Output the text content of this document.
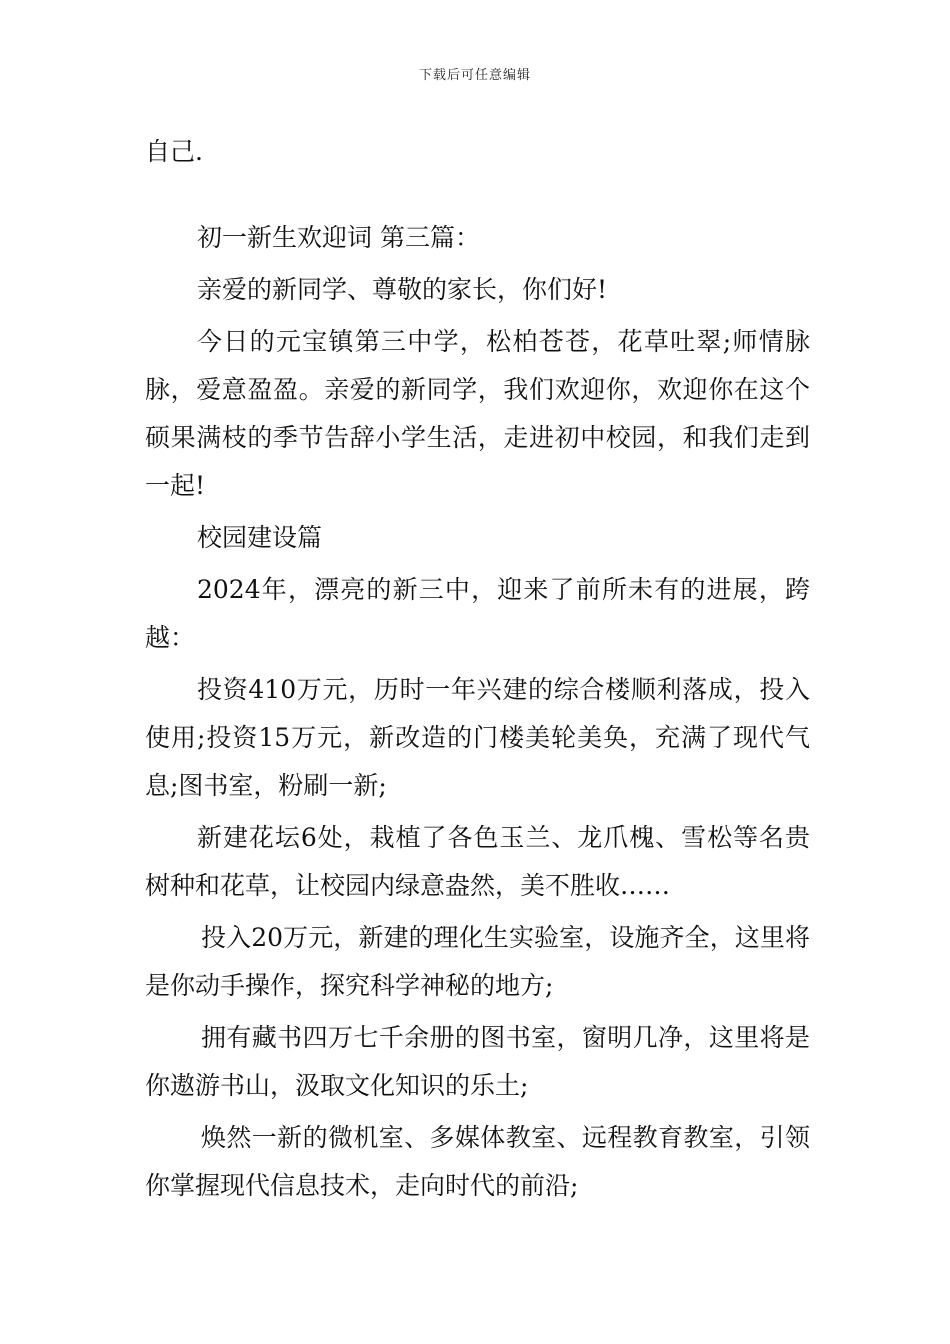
下载后可任意编辑

自己.

初一新生欢迎词 第三篇：

亲爱的新同学、尊敬的家长，你们好!

今日的元宝镇第三中学，松柏苍苍，花草吐翠;师情脉脉，爱意盈盈。亲爱的新同学，我们欢迎你，欢迎你在这个硕果满枝的季节告辞小学生活，走进初中校园，和我们走到一起!

校园建设篇

2024年，漂亮的新三中，迎来了前所未有的进展，跨越：

投资410万元，历时一年兴建的综合楼顺利落成，投入使用;投资15万元，新改造的门楼美轮美奂，充满了现代气息;图书室，粉刷一新;

新建花坛6处，栽植了各色玉兰、龙爪槐、雪松等名贵树种和花草，让校园内绿意盎然，美不胜收……

投入20万元，新建的理化生实验室，设施齐全，这里将是你动手操作，探究科学神秘的地方;

拥有藏书四万七千余册的图书室，窗明几净，这里将是你遨游书山，汲取文化知识的乐土;

焕然一新的微机室、多媒体教室、远程教育教室，引领你掌握现代信息技术，走向时代的前沿;
